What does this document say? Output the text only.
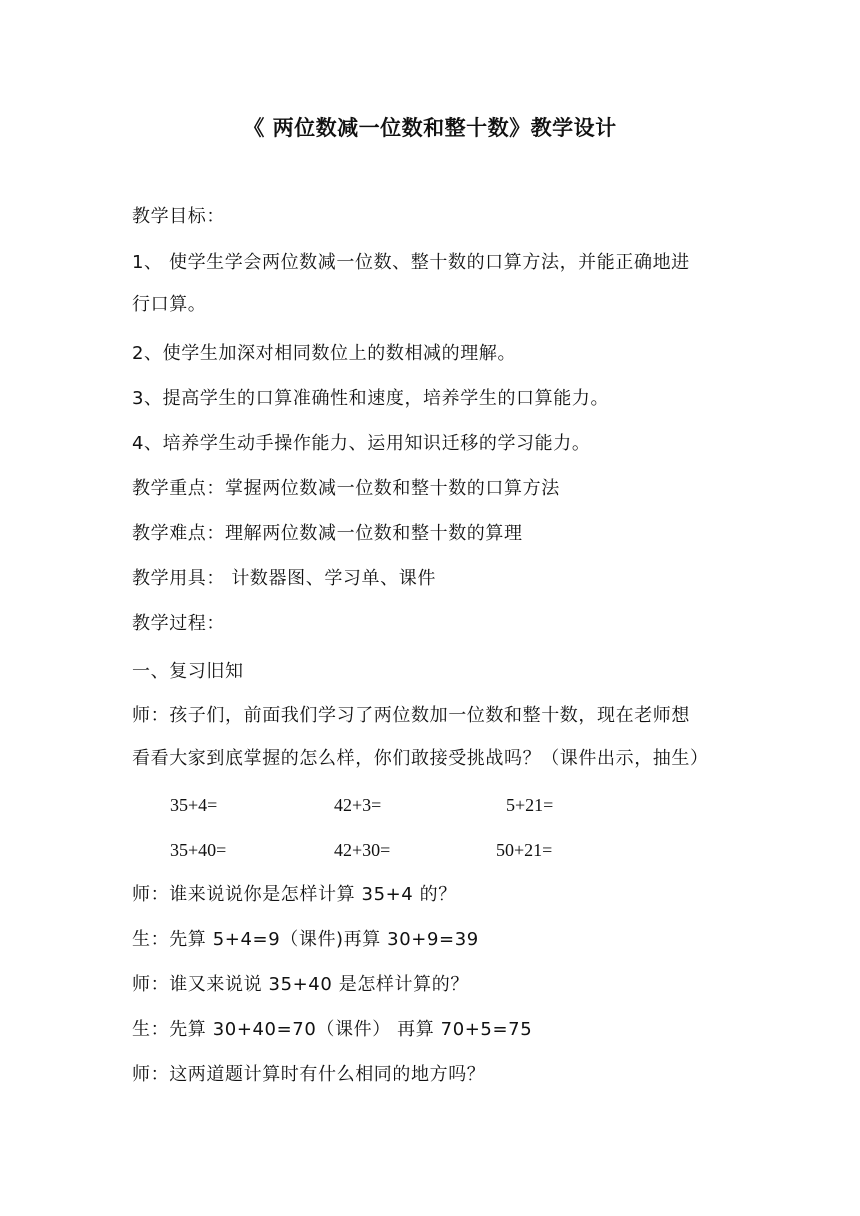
《 两位数减一位数和整十数》教学设计
教学目标：
1、 使学生学会两位数减一位数、整十数的口算方法，并能正确地进
行口算。
2、使学生加深对相同数位上的数相减的理解。
3、提高学生的口算准确性和速度，培养学生的口算能力。
4、培养学生动手操作能力、运用知识迁移的学习能力。
教学重点：掌握两位数减一位数和整十数的口算方法
教学难点：理解两位数减一位数和整十数的算理
教学用具： 计数器图、学习单、课件
教学过程：
一、复习旧知
师：孩子们，前面我们学习了两位数加一位数和整十数，现在老师想
看看大家到底掌握的怎么样，你们敢接受挑战吗？（课件出示，抽生）
35+4=	42+3=	5+21=
35+40=	42+30=	50+21=
师：谁来说说你是怎样计算 35+4 的？
生：先算 5+4=9（课件)再算 30+9=39
师：谁又来说说 35+40 是怎样计算的？
生：先算 30+40=70（课件） 再算 70+5=75
师：这两道题计算时有什么相同的地方吗？
